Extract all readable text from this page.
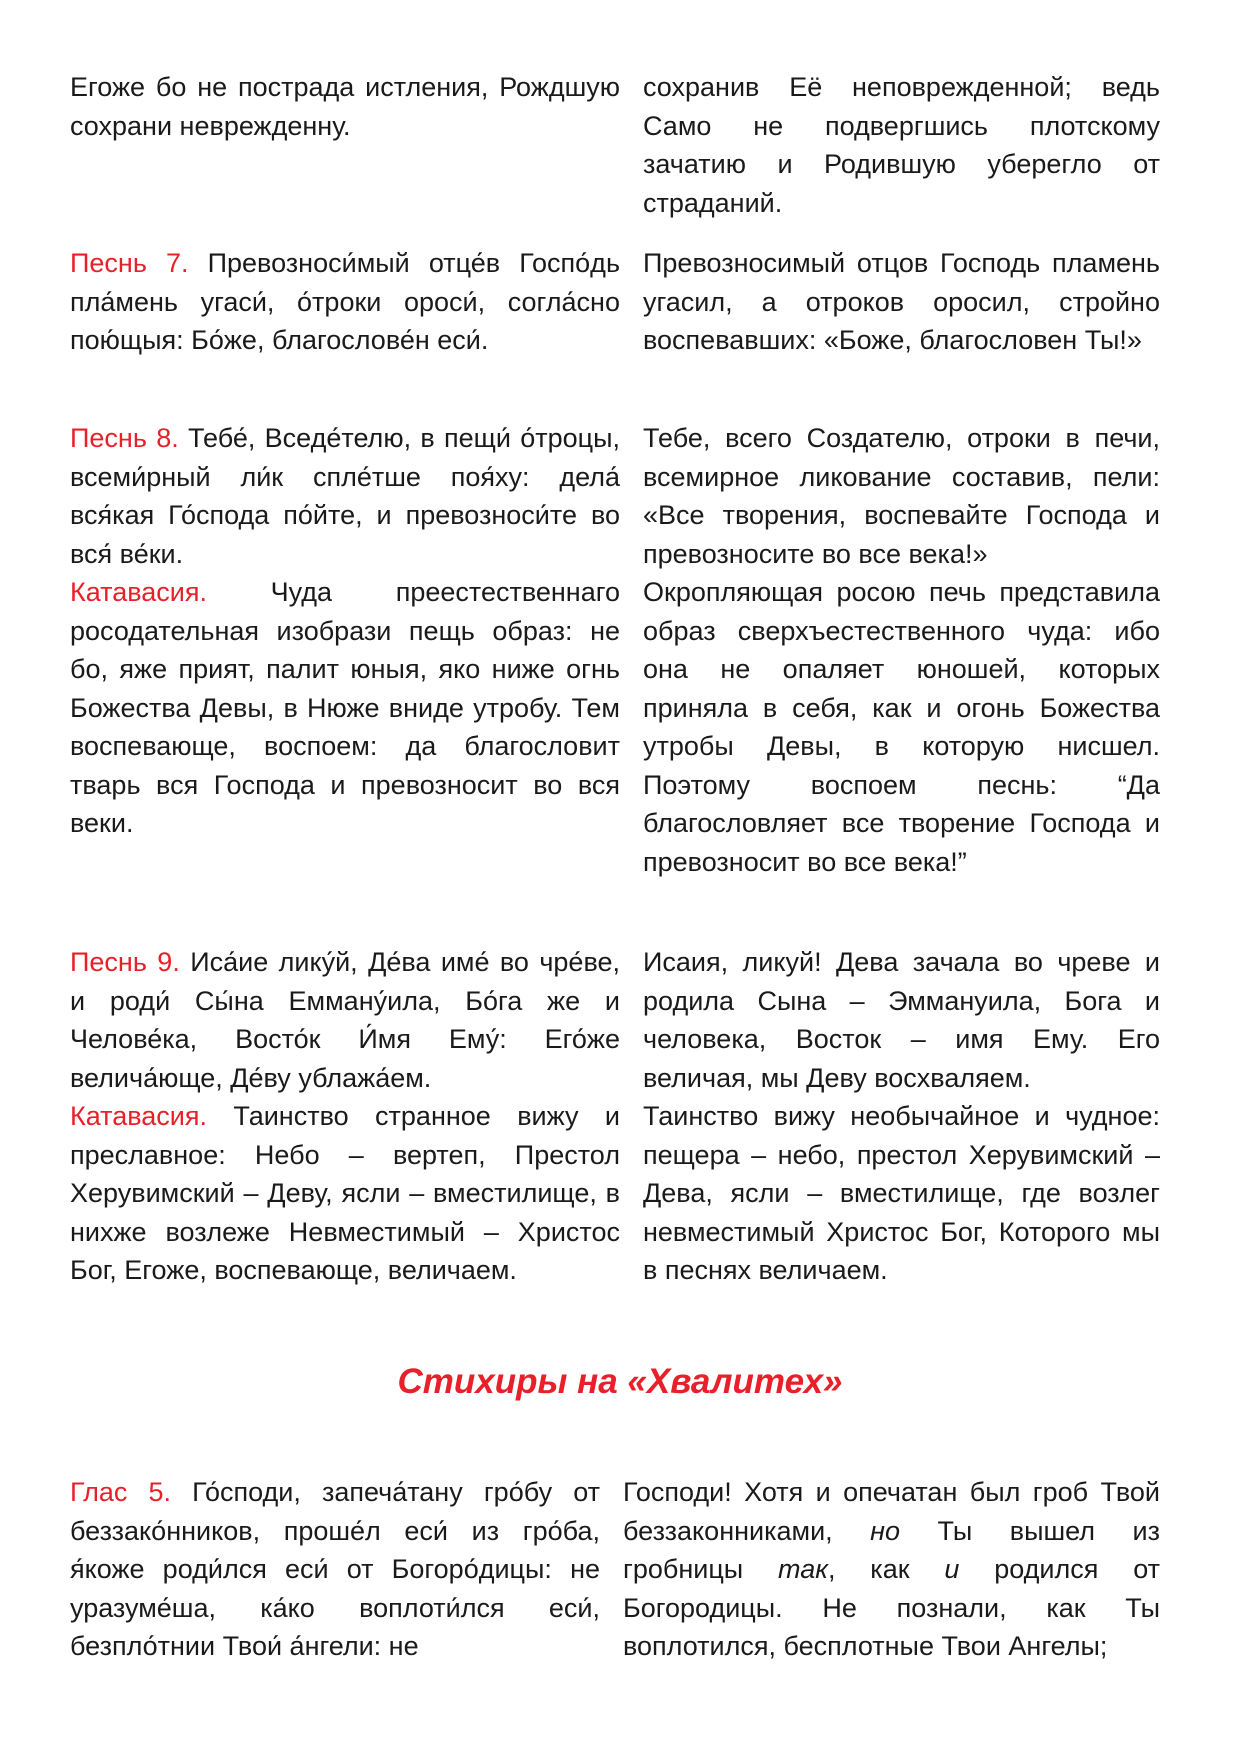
Егоже бо не пострада истления, Рождшую сохрани неврежденну.

сохранив Её неповрежденной; ведь Само не подвергшись плотскому зачатию и Родившую уберегло от страданий.

Песнь 7. Превозноси́мый отце́в Госпо́дь пла́мень угаси́, о́троки ороси́, согла́сно пою́щыя: Бо́же, благослове́н еси́.

Превозносимый отцов Господь пламень угасил, а отроков оросил, стройно воспевавших: «Боже, благословен Ты!»

Песнь 8. Тебе́, Вседе́телю, в пещи́ о́троцы, всеми́рный ли́к спле́тше поя́ху: дела́ вся́кая Го́спода по́йте, и превозноси́те во вся́ ве́ки.

Катавасия. Чуда преестественнаго росодательная изобрази пещь образ: не бо, яже прият, палит юныя, яко ниже огнь Божества Девы, в Нюже вниде утробу. Тем воспевающе, воспоем: да благословит тварь вся Господа и превозносит во вся веки.

Тебе, всего Создателю, отроки в печи, всемирное ликование составив, пели: «Все творения, воспевайте Господа и превозносите во все века!»

Окропляющая росою печь представила образ сверхъестественного чуда: ибо она не опаляет юношей, которых приняла в себя, как и огонь Божества утробы Девы, в которую нисшел. Поэтому воспоем песнь: “Да благословляет все творение Господа и превозносит во все века!”

Песнь 9. Иса́ие лику́й, Де́ва име́ во чре́ве, и роди́ Сы́на Емману́ила, Бо́га же и Челове́ка, Восто́к И́мя Ему́: Его́же велича́юще, Де́ву ублажа́ем.

Катавасия. Таинство странное вижу и преславное: Небо – вертеп, Престол Херувимский – Деву, ясли – вместилище, в нихже возлеже Невместимый – Христос Бог, Егоже, воспевающе, величаем.

Исаия, ликуй! Дева зачала во чреве и родила Сына – Эммануила, Бога и человека, Восток – имя Ему. Его величая, мы Деву восхваляем.

Таинство вижу необычайное и чудное: пещера – небо, престол Херувимский – Дева, ясли – вместилище, где возлег невместимый Христос Бог, Которого мы в песнях величаем.

Стихиры на «Хвалитех»

Глас 5. Го́споди, запеча́тану гро́бу от беззако́нников, проше́л еси́ из гро́ба, я́коже роди́лся еси́ от Богоро́дицы: не уразуме́ша, ка́ко воплоти́лся еси́, безпло́тнии Твои́ а́нгели: не

Господи! Хотя и опечатан был гроб Твой беззаконниками, но Ты вышел из гробницы так, как и родился от Богородицы. Не познали, как Ты воплотился, бесплотные Твои Ангелы;
